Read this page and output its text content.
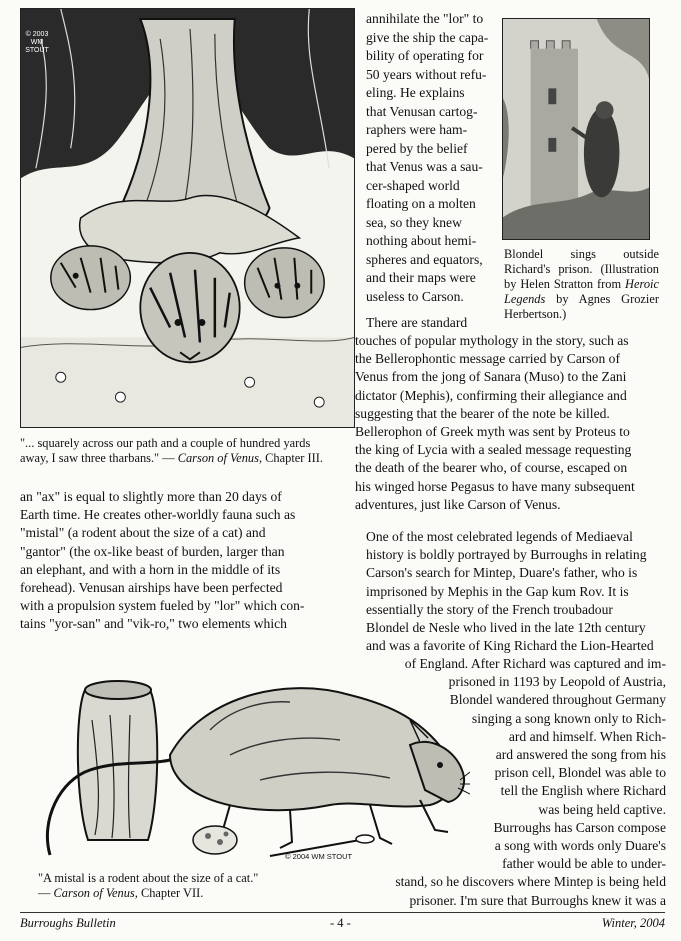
© 2003 WM STOUT
"... squarely across our path and a couple of hundred yards away, I saw three tharbans." — Carson of Venus, Chapter III.
Blondel sings outside Richard's prison. (Illustration by Helen Stratton from Heroic Legends by Agnes Grozier Herbertson.)

annihilate the "lor" to

give the ship the capa-

bility of operating for

50 years without refu-

eling. He explains

that Venusan cartog-

raphers were ham-

pered by the belief

that Venus was a sau-

cer-shaped world

floating on a molten

sea, so they knew

nothing about hemi-

spheres and equators,

and their maps were

useless to Carson.

There are standard

touches of popular mythology in the story, such as

the Bellerophontic message carried by Carson of

Venus from the jong of Sanara (Muso) to the Zani

dictator (Mephis), confirming their allegiance and

suggesting that the bearer of the note be killed.

Bellerophon of Greek myth was sent by Proteus to

the king of Lycia with a sealed message requesting

the death of the bearer who, of course, escaped on

his winged horse Pegasus to have many subsequent

adventures, just like Carson of Venus.

an "ax" is equal to slightly more than 20 days of

Earth time. He creates other-worldly fauna such as

"mistal" (a rodent about the size of a cat) and

"gantor" (the ox-like beast of burden, larger than

an elephant, and with a horn in the middle of its

forehead). Venusan airships have been perfected

with a propulsion system fueled by "lor" which con-

tains "yor-san" and "vik-ro," two elements which

One of the most celebrated legends of Mediaeval

history is boldly portrayed by Burroughs in relating

Carson's search for Mintep, Duare's father, who is

imprisoned by Mephis in the Gap kum Rov. It is

essentially the story of the French troubadour

Blondel de Nesle who lived in the late 12th century

and was a favorite of King Richard the Lion-Hearted

of England. After Richard was captured and im-

prisoned in 1193 by Leopold of Austria,

Blondel wandered throughout Germany

singing a song known only to Rich-

ard and himself. When Rich-

ard answered the song from his

prison cell, Blondel was able to

tell the English where Richard

was being held captive.

Burroughs has Carson compose

a song with words only Duare's

father would be able to under-

stand, so he discovers where Mintep is being held

prisoner. I'm sure that Burroughs knew it was a

© 2004 WM STOUT
"A mistal is a rodent about the size of a cat."
— Carson of Venus, Chapter VII.
Burroughs Bulletin	- 4 -	Winter, 2004
